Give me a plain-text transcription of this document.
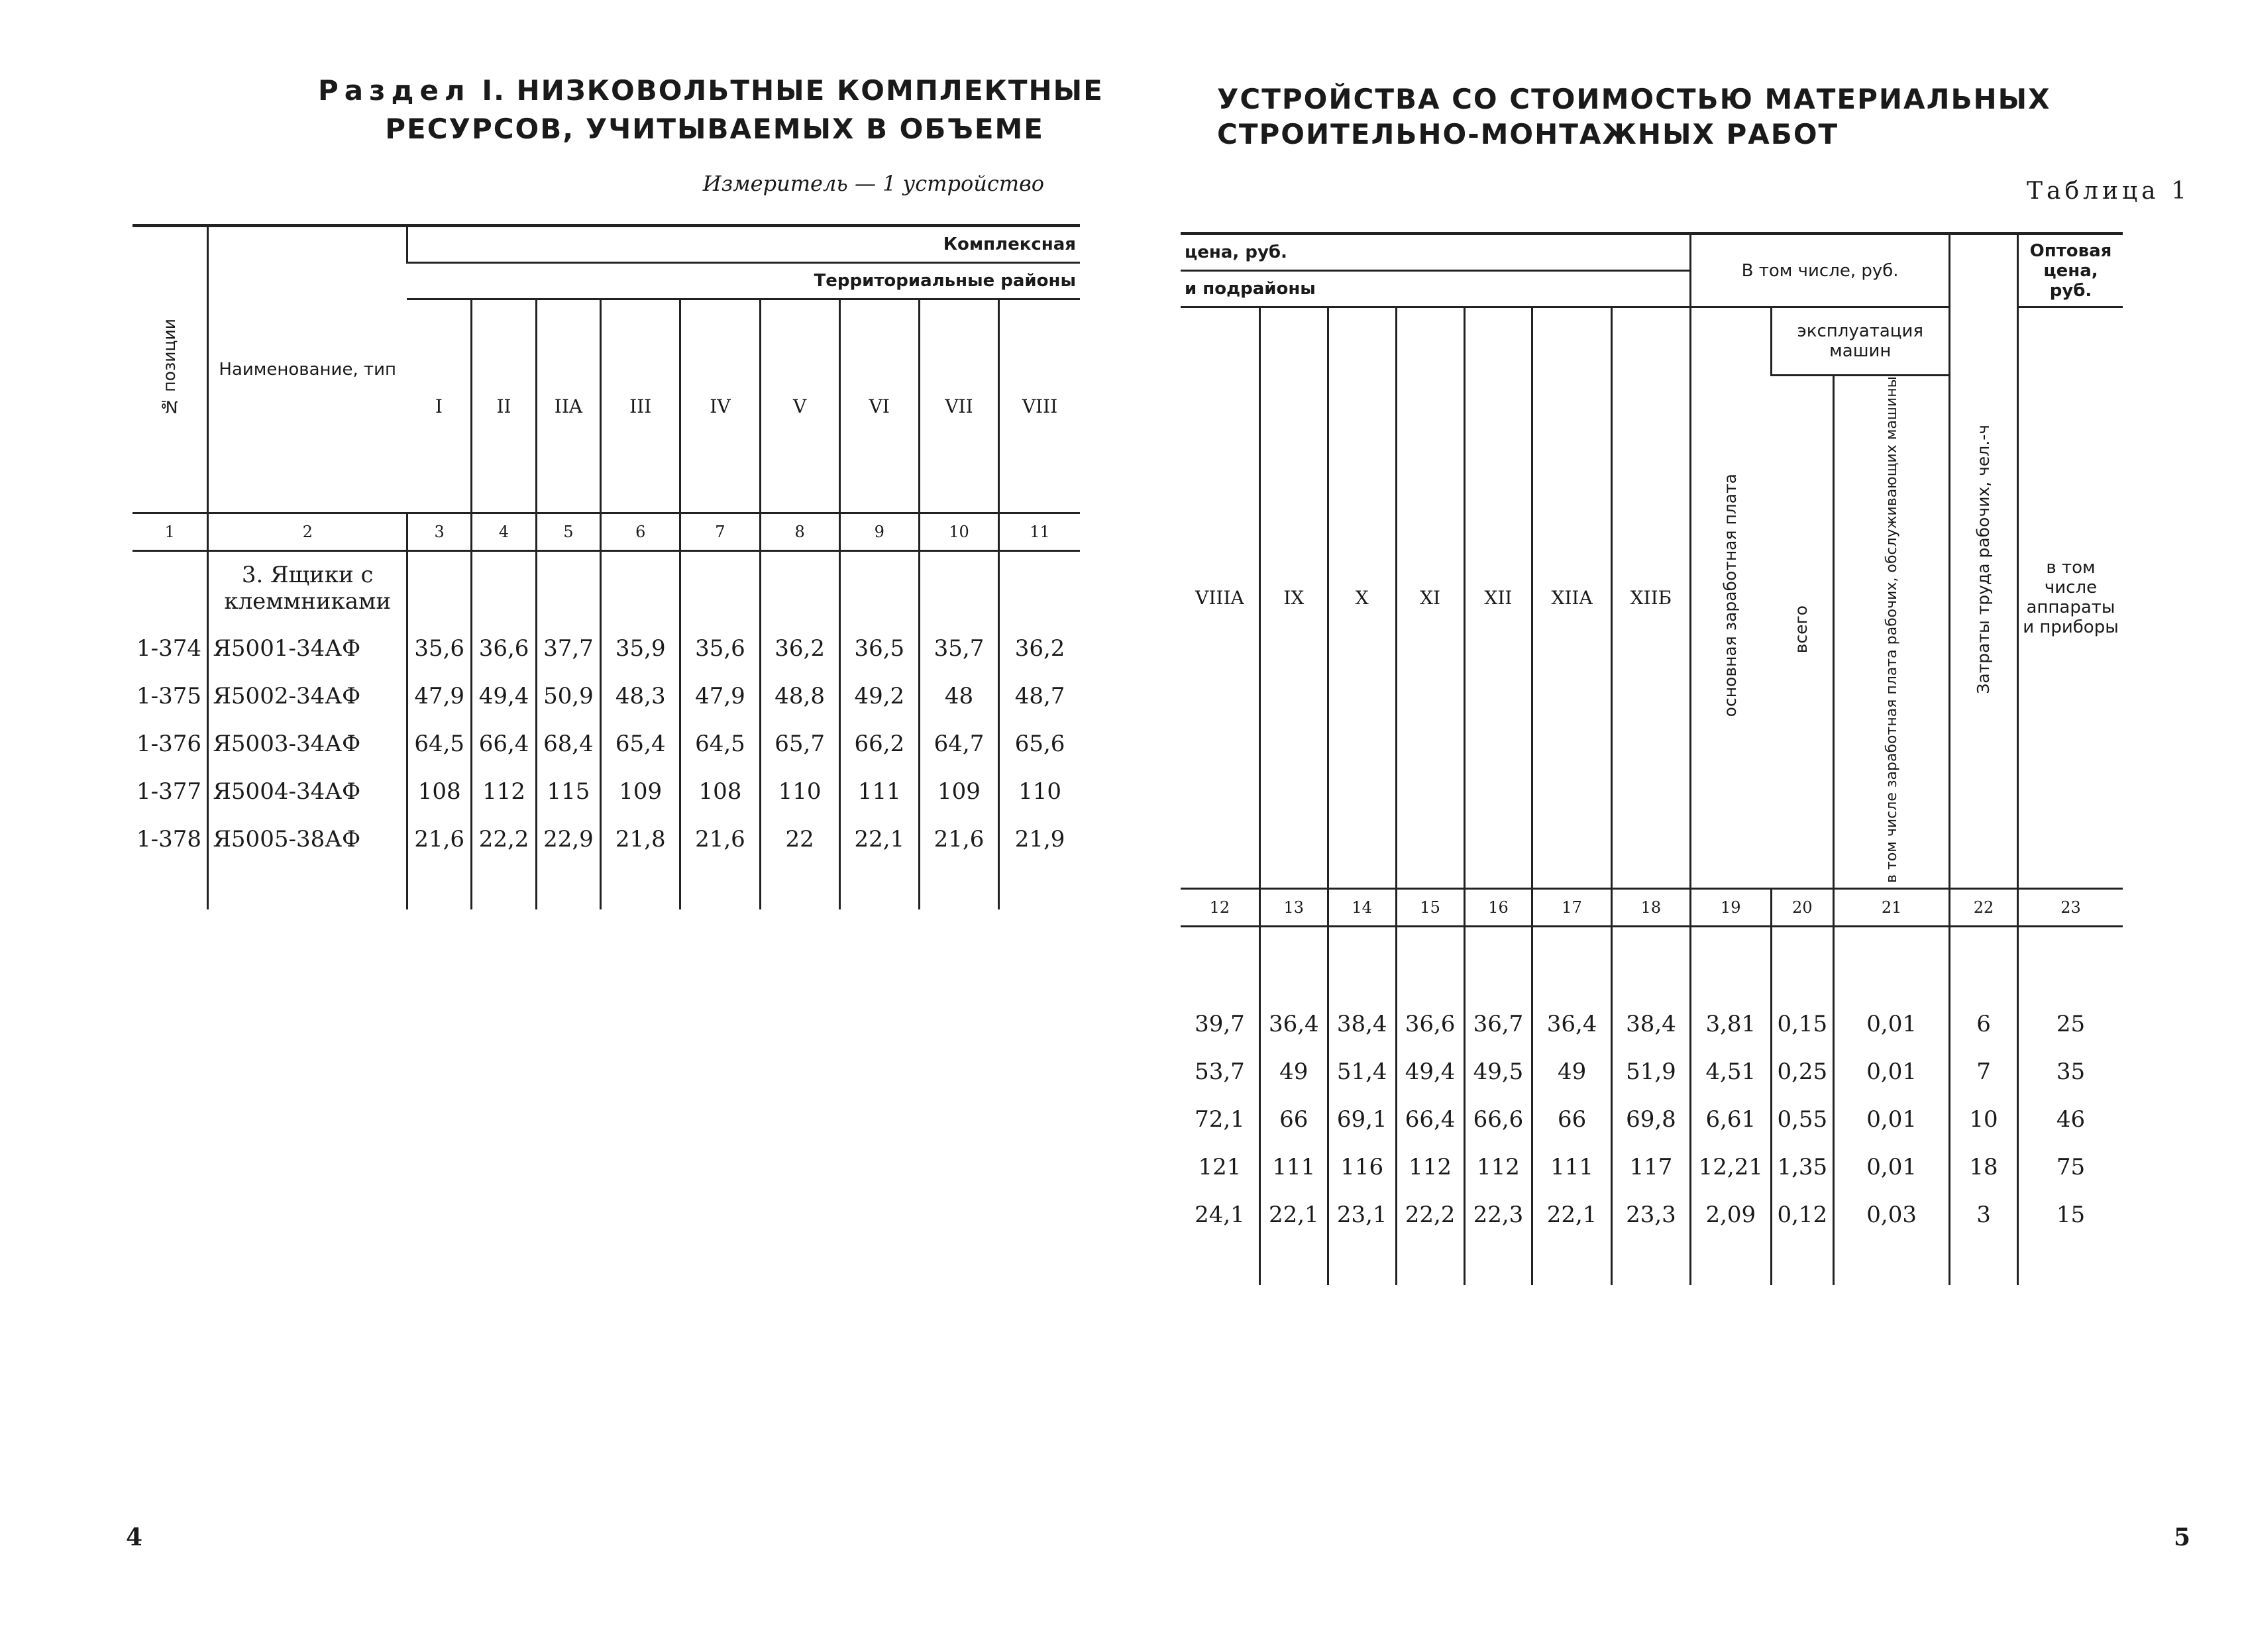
Раздел I. НИЗКОВОЛЬТНЫЕ КОМПЛЕКТНЫЕ
РЕСУРСОВ, УЧИТЫВАЕМЫХ В ОБЪЕМЕ
Измеритель — 1 устройство
№ позиции	Наименование, тип	Комплексная								
		Территориальные районы								
		I	II	IIA	III	IV	V	VI	VII	VIII
1	2	3	4	5	6	7	8	9	10	11
	3. Ящики с клеммниками									
1-374	Я5001-34АФ	35,6	36,6	37,7	35,9	35,6	36,2	36,5	35,7	36,2
1-375	Я5002-34АФ	47,9	49,4	50,9	48,3	47,9	48,8	49,2	48	48,7
1-376	Я5003-34АФ	64,5	66,4	68,4	65,4	64,5	65,7	66,2	64,7	65,6
1-377	Я5004-34АФ	108	112	115	109	108	110	111	109	110
1-378	Я5005-38АФ	21,6	22,2	22,9	21,8	21,6	22	22,1	21,6	21,9

4
УСТРОЙСТВА СО СТОИМОСТЬЮ МАТЕРИАЛЬНЫХ
СТРОИТЕЛЬНО-МОНТАЖНЫХ РАБОТ
Таблица 1
цена, руб.							В том числе, руб.			Затраты труда рабочих, чел.-ч	Оптовая цена, руб.
и подрайоны											
VIIIA	IX	X	XI	XII	XIIA	XIIБ	основная заработная плата	эксплуатация машин			в том числе аппараты и приборы
								всего	в том числе заработная плата рабочих, обслуживающих машины		
12	13	14	15	16	17	18	19	20	21	22	23

39,7	36,4	38,4	36,6	36,7	36,4	38,4	3,81	0,15	0,01	6	25
53,7	49	51,4	49,4	49,5	49	51,9	4,51	0,25	0,01	7	35
72,1	66	69,1	66,4	66,6	66	69,8	6,61	0,55	0,01	10	46
121	111	116	112	112	111	117	12,21	1,35	0,01	18	75
24,1	22,1	23,1	22,2	22,3	22,1	23,3	2,09	0,12	0,03	3	15

5
